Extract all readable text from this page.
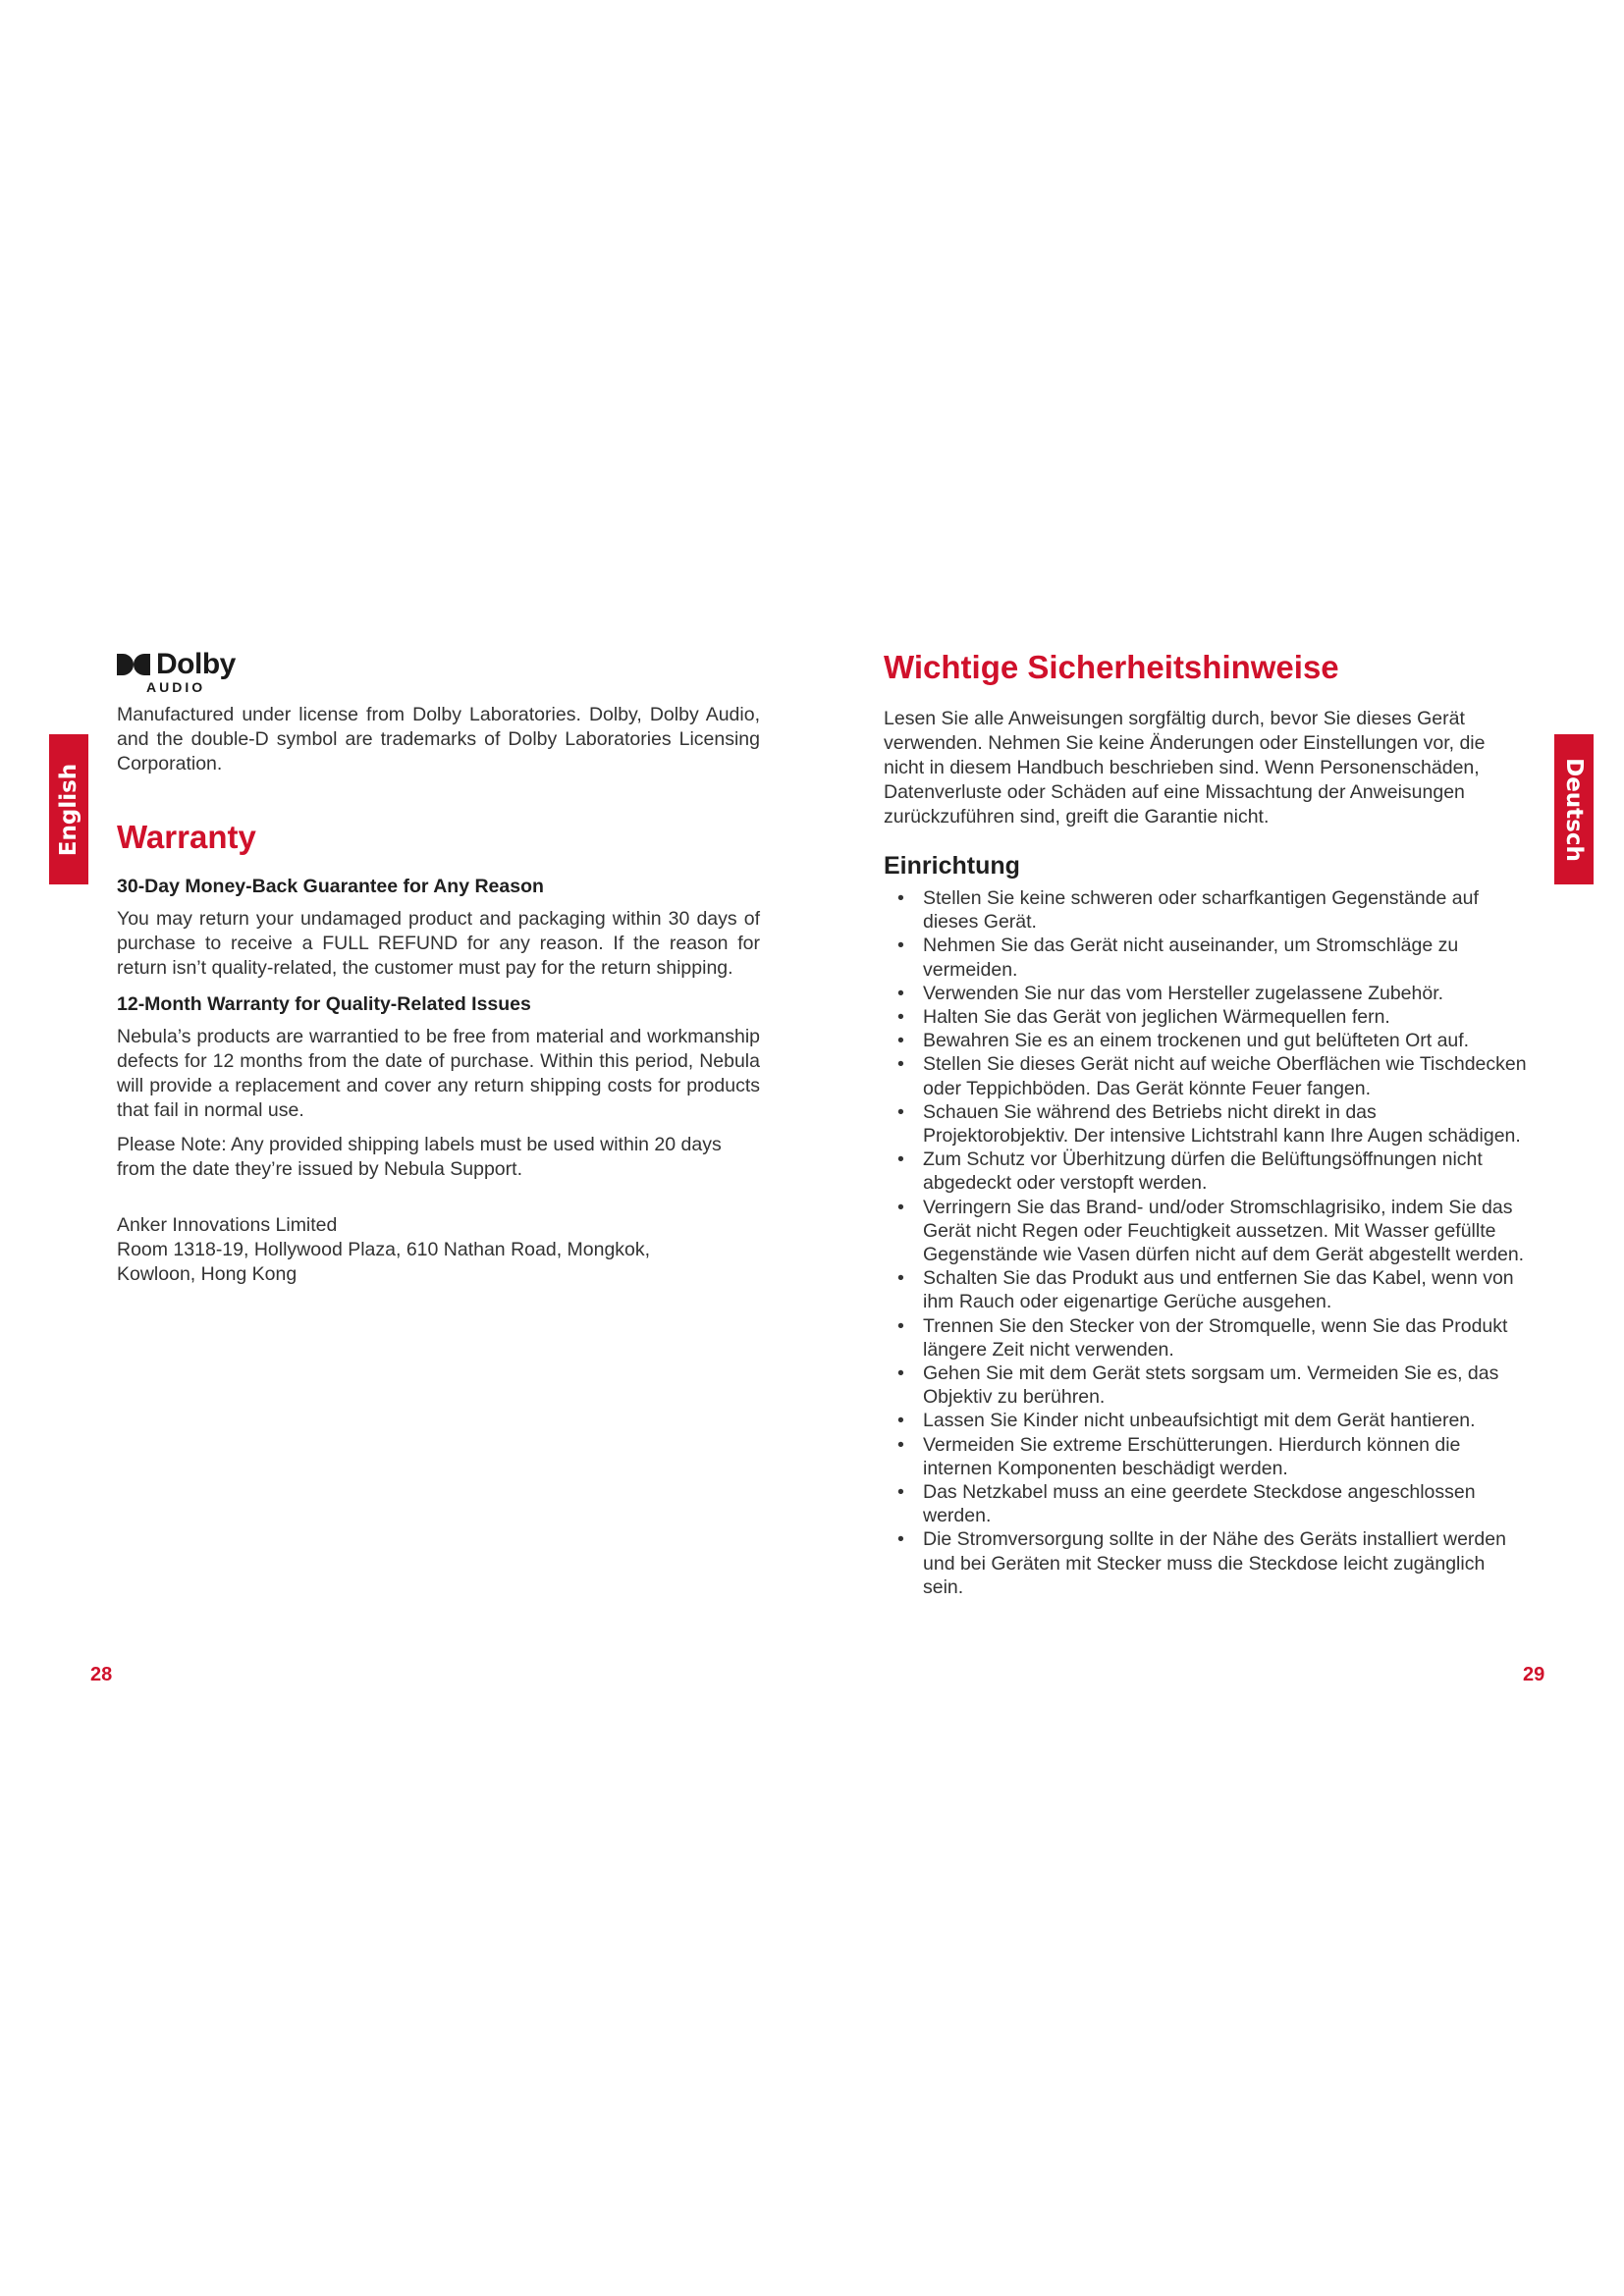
English	Deutsch
Dolby
AUDIO

Manufactured under license from Dolby Laboratories. Dolby, Dolby Audio, and the double-D symbol are trademarks of Dolby Laboratories Licensing Corporation.

Warranty
30-Day Money-Back Guarantee for Any Reason

You may return your undamaged product and packaging within 30 days of purchase to receive a FULL REFUND for any reason. If the reason for return isn’t quality-related, the customer must pay for the return shipping.

12-Month Warranty for Quality-Related Issues

Nebula’s products are warrantied to be free from material and workmanship defects for 12 months from the date of purchase. Within this period, Nebula will provide a replacement and cover any return shipping costs for products that fail in normal use.

Please Note: Any provided shipping labels must be used within 20 days from the date they’re issued by Nebula Support.

Anker Innovations Limited

Room 1318-19, Hollywood Plaza, 610 Nathan Road, Mongkok,

Kowloon, Hong Kong

Wichtige Sicherheitshinweise

Lesen Sie alle Anweisungen sorgfältig durch, bevor Sie dieses Gerät verwenden. Nehmen Sie keine Änderungen oder Einstellungen vor, die nicht in diesem Handbuch beschrieben sind. Wenn Personenschäden, Datenverluste oder Schäden auf eine Missachtung der Anweisungen zurückzuführen sind, greift die Garantie nicht.

Einrichtung
• Stellen Sie keine schweren oder scharfkantigen Gegenstände auf dieses Gerät.
• Nehmen Sie das Gerät nicht auseinander, um Stromschläge zu vermeiden.
• Verwenden Sie nur das vom Hersteller zugelassene Zubehör.
• Halten Sie das Gerät von jeglichen Wärmequellen fern.
• Bewahren Sie es an einem trockenen und gut belüfteten Ort auf.
• Stellen Sie dieses Gerät nicht auf weiche Oberflächen wie Tischdecken oder Teppichböden. Das Gerät könnte Feuer fangen.
• Schauen Sie während des Betriebs nicht direkt in das Projektorobjektiv. Der intensive Lichtstrahl kann Ihre Augen schädigen.
• Zum Schutz vor Überhitzung dürfen die Belüftungsöffnungen nicht abgedeckt oder verstopft werden.
• Verringern Sie das Brand- und/oder Stromschlagrisiko, indem Sie das Gerät nicht Regen oder Feuchtigkeit aussetzen. Mit Wasser gefüllte Gegenstände wie Vasen dürfen nicht auf dem Gerät abgestellt werden.
• Schalten Sie das Produkt aus und entfernen Sie das Kabel, wenn von ihm Rauch oder eigenartige Gerüche ausgehen.
• Trennen Sie den Stecker von der Stromquelle, wenn Sie das Produkt längere Zeit nicht verwenden.
• Gehen Sie mit dem Gerät stets sorgsam um. Vermeiden Sie es, das Objektiv zu berühren.
• Lassen Sie Kinder nicht unbeaufsichtigt mit dem Gerät hantieren.
• Vermeiden Sie extreme Erschütterungen. Hierdurch können die internen Komponenten beschädigt werden.
• Das Netzkabel muss an eine geerdete Steckdose angeschlossen werden.
• Die Stromversorgung sollte in der Nähe des Geräts installiert werden und bei Geräten mit Stecker muss die Steckdose leicht zugänglich sein.
28	29
